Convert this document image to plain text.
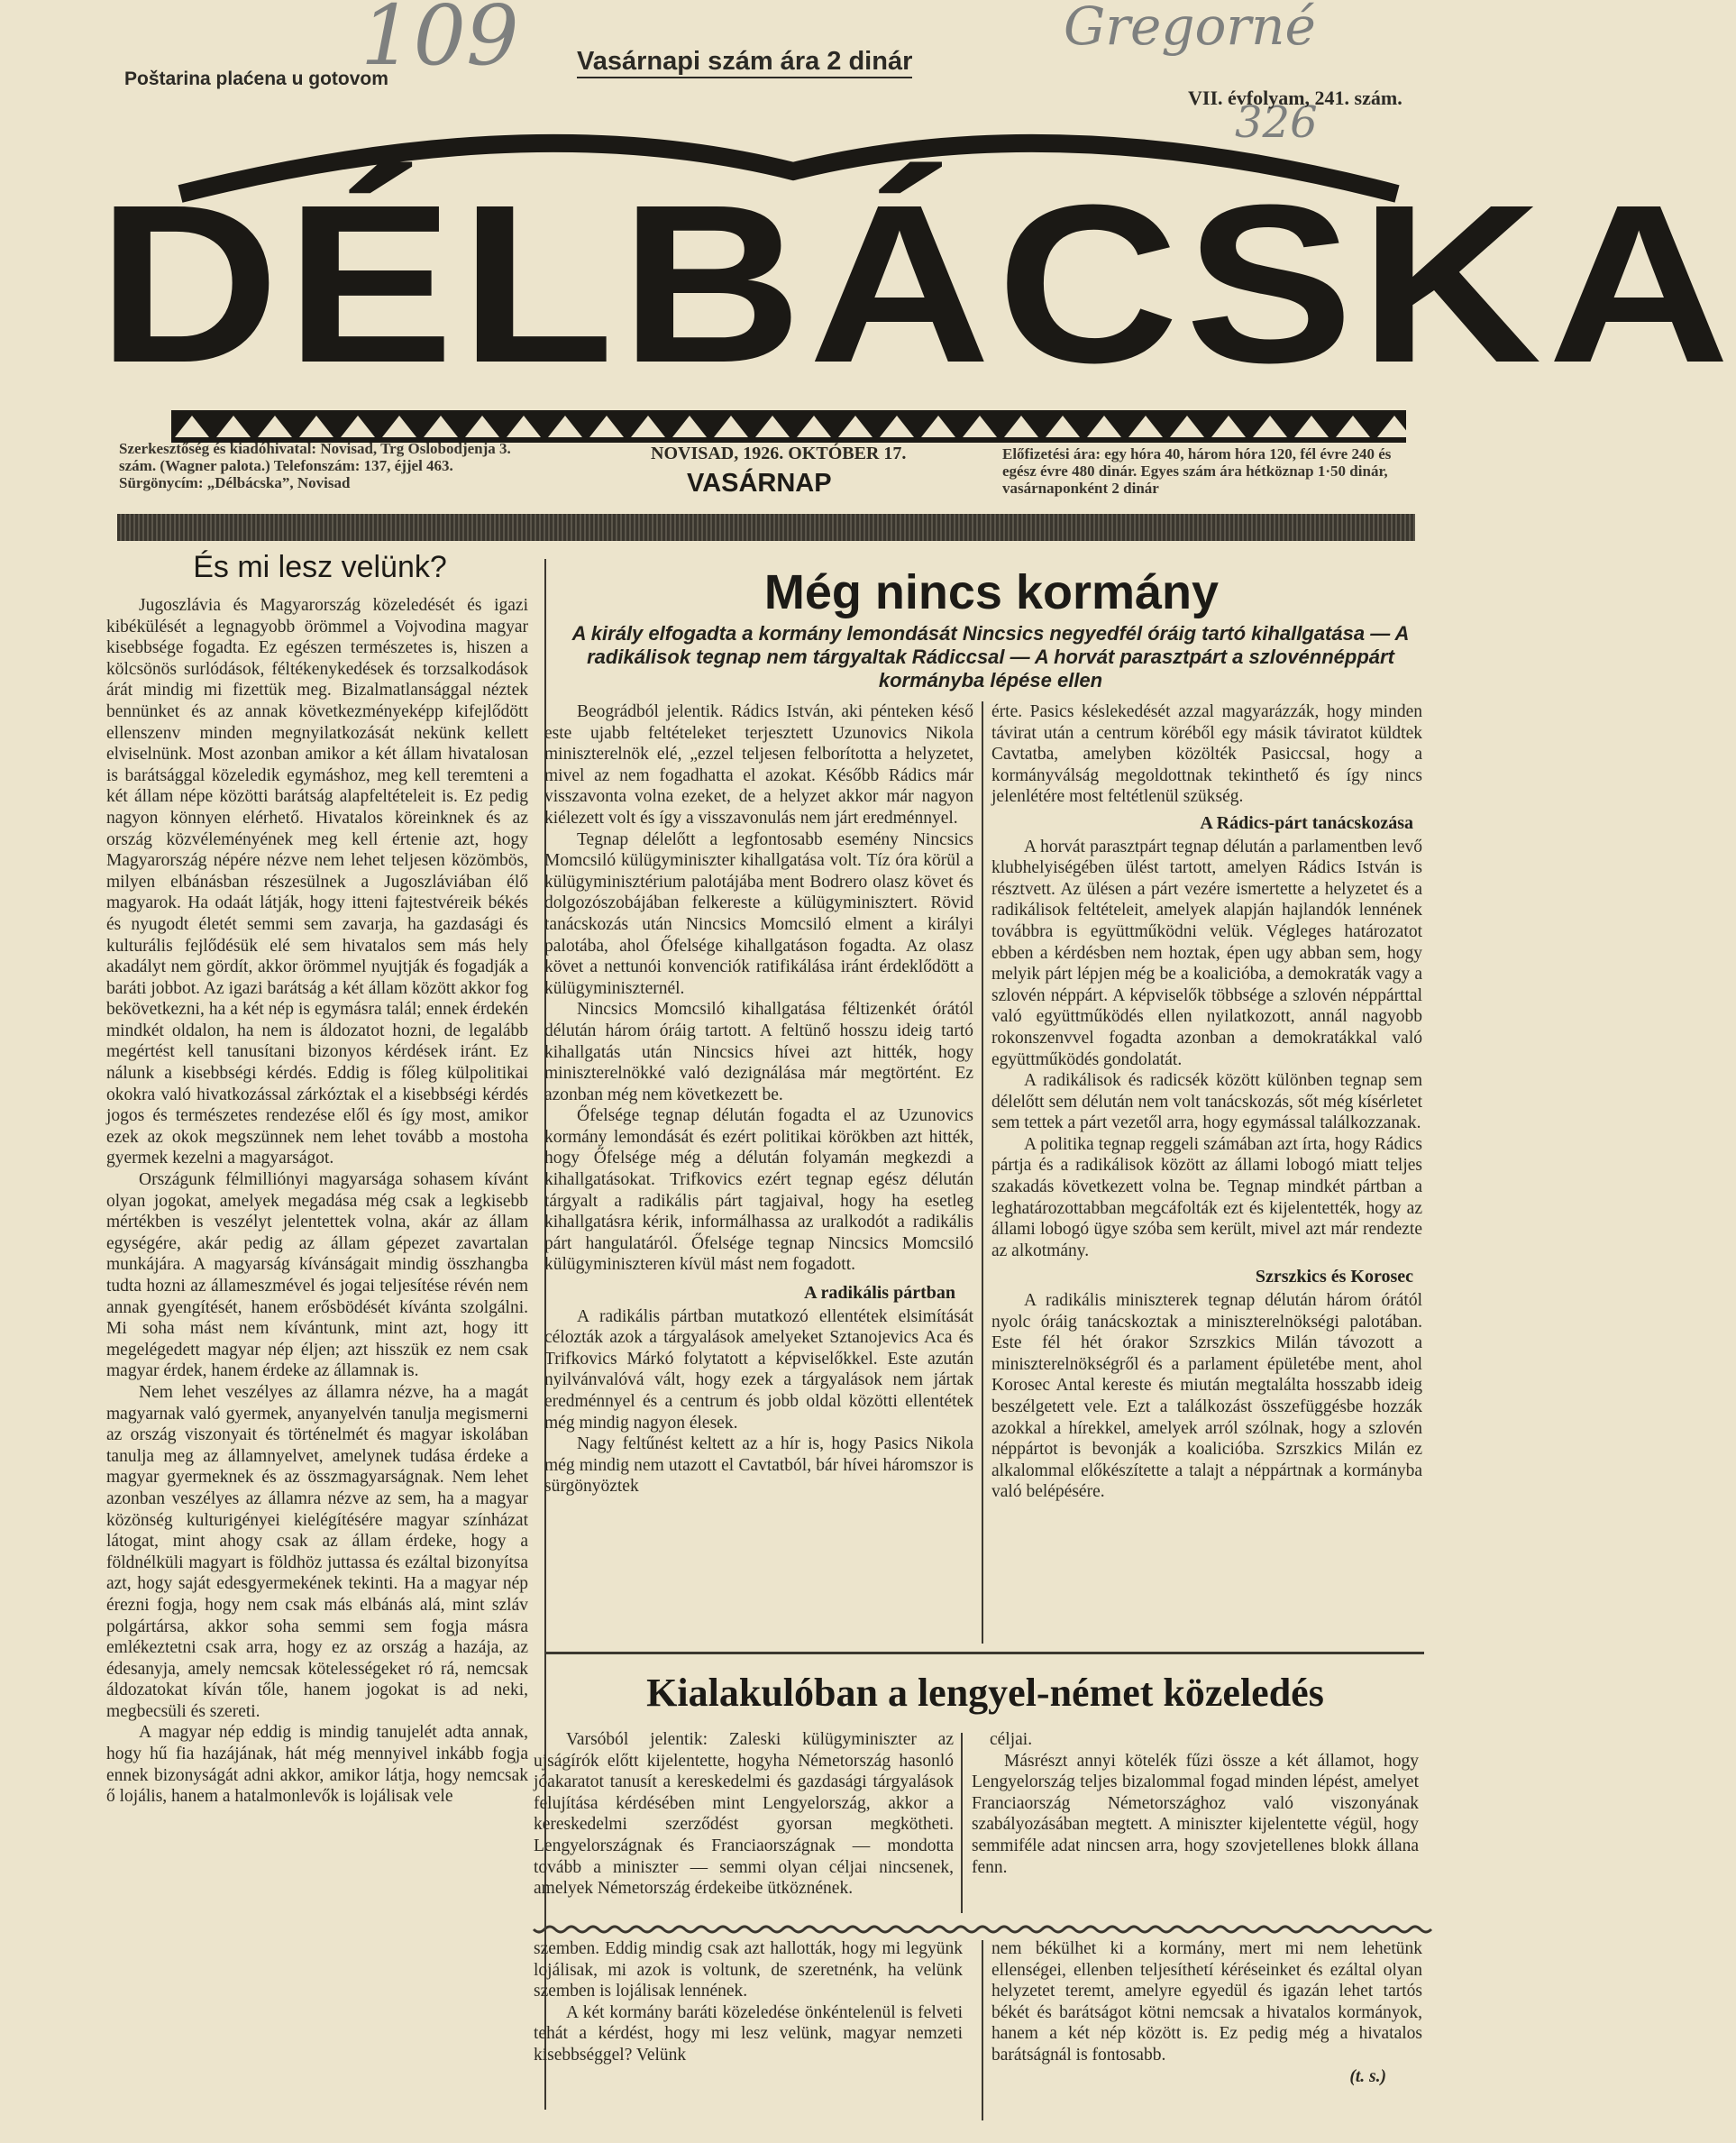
109	Gregorné
326
Poštarina plaćena u gotovom
Vasárnapi szám ára 2 dinár
VII. évfolyam, 241. szám.
DÉLBÁCSKA
Szerkesztőség és kiadóhivatal: Novisad, Trg Oslobodjenja 3. szám. (Wagner palota.) Telefonszám: 137, éjjel 463. Sürgönycím: „Délbácska”, Novisad
NOVISAD, 1926. OKTÓBER 17.
VASÁRNAP
Előfizetési ára: egy hóra 40, három hóra 120, fél évre 240 és egész évre 480 dinár. Egyes szám ára hétköznap 1·50 dinár, vasárnaponként 2 dinár
És mi lesz velünk?

Jugoszlávia és Magyarország közeledését és igazi kibékülését a legnagyobb örömmel a Vojvodina magyar kisebbsége fogadta. Ez egészen természetes is, hiszen a kölcsönös surlódások, féltékenykedések és torzsalkodások árát mindig mi fizettük meg. Bizalmatlansággal néztek bennünket és az annak következményeképp kifejlődött ellenszenv minden megnyilatkozását nekünk kellett elviselnünk. Most azonban amikor a két állam hivatalosan is barátsággal közeledik egymáshoz, meg kell teremteni a két állam népe közötti barátság alapfeltételeit is. Ez pedig nagyon könnyen elérhető. Hivatalos köreinknek és az ország közvéleményének meg kell érteniе azt, hogy Magyarország népére nézve nem lehet teljesen közömbös, milyen elbánásban részesülnek a Jugoszláviában élő magyarok. Ha odaát látják, hogy itteni fajtestvéreik békés és nyugodt életét semmi sem zavarja, ha gazdasági és kulturális fejlődésük elé sem hivatalos sem más hely akadályt nem gördít, akkor örömmel nyujtják és fogadják a baráti jobbot. Az igazi barátság a két állam között akkor fog bekövetkezni, ha a két nép is egymásra talál; ennek érdekén mindkét oldalon, ha nem is áldozatot hozni, de legalább megértést kell tanusítani bizonyos kérdések iránt. Ez nálunk a kisebbségi kérdés. Eddig is főleg külpolitikai okokra való hivatkozással zárkóztak el a kisebbségi kérdés jogos és természetes rendezése elől és így most, amikor ezek az okok megszünnek nem lehet tovább a mostoha gyermek kezelni a magyarságot.

Országunk félmilliónyi magyarsága sohasem kívánt olyan jogokat, amelyek megadása még csak a legkisebb mértékben is veszélyt jelentettek volna, akár az állam egységére, akár pedig az állam gépezet zavartalan munkájára. A magyarság kívánságait mindig összhangba tudta hozni az állameszmével és jogai teljesítése révén nem annak gyengítését, hanem erősbödését kívánta szolgálni. Mi soha mást nem kívántunk, mint azt, hogy itt megelégedett magyar nép éljen; azt hisszük ez nem csak magyar érdek, hanem érdeke az államnak is.

Nem lehet veszélyes az államra nézve, ha a magát magyarnak való gyermek, anyanyelvén tanulja megismerni az ország viszonyait és történelmét és magyar iskolában tanulja meg az államnyelvet, amelynek tudása érdeke a magyar gyermeknek és az összmagyarságnak. Nem lehet azonban veszélyes az államra nézve az sem, ha a magyar közönség kulturigényei kielégítésére magyar színházat látogat, mint ahogy csak az állam érdeke, hogy a földnélküli magyart is földhöz juttassa és ezáltal bizonyítsa azt, hogy saját edesgyermekének tekinti. Ha a magyar nép érezni fogja, hogy nem csak más elbánás alá, mint szláv polgártársa, akkor soha semmi sem fogja másra emlékeztetni csak arra, hogy ez az ország a hazája, az édesanyja, amely nemcsak kötelességeket ró rá, nemcsak áldozatokat kíván tőle, hanem jogokat is ad neki, megbecsüli és szereti.

A magyar nép eddig is mindig tanujelét adta annak, hogy hű fia hazájának, hát még mennyivel inkább fogja ennek bizonyságát adni akkor, amikor látja, hogy nemcsak ő lojális, hanem a hatalmonlevők is lojálisak vele

Még nincs kormány
A király elfogadta a kormány lemondását Nincsics negyedfél óráig tartó kihallgatása — A radikálisok tegnap nem tárgyaltak Rádiccsal — A horvát parasztpárt a szlovénnéppárt kormányba lépése ellen

Beográdból jelentik. Rádics István, aki pénteken késő este ujabb feltételeket terjesztett Uzunovics Nikola miniszterelnök elé, „ezzel teljesen felborította a helyzetet, mivel az nem fogadhatta el azokat. Később Rádics már visszavonta volna ezeket, de a helyzet akkor már nagyon kiélezett volt és így a visszavonulás nem járt eredménnyel.

Tegnap délelőtt a legfontosabb esemény Nincsics Momcsiló külügyminiszter kihallgatása volt. Tíz óra körül a külügyminisztérium palotájába ment Bodrero olasz követ és dolgozószobájában felkereste a külügyminisztert. Rövid tanácskozás után Nincsics Momcsiló elment a királyi palotába, ahol Őfelsége kihallgatáson fogadta. Az olasz követ a nettunói konvenciók ratifikálása iránt érdeklődött a külügyminiszternél.

Nincsics Momcsiló kihallgatása féltizenkét órától délután három óráig tartott. A feltünő hosszu ideig tartó kihallgatás után Nincsics hívei azt hitték, hogy miniszterelnökké való dezignálása már megtörtént. Ez azonban még nem következett be.

Őfelsége tegnap délután fogadta el az Uzunovics kormány lemondását és ezért politikai körökben azt hitték, hogy Őfelsége még a délután folyamán megkezdi a kihallgatásokat. Trifkovics ezért tegnap egész délután tárgyalt a radikális párt tagjaival, hogy ha esetleg kihallgatásra kérik, informálhassa az uralkodót a radikális párt hangulatáról. Őfelsége tegnap Nincsics Momcsiló külügyminiszteren kívül mást nem fogadott.

A radikális pártban

A radikális pártban mutatkozó ellentétek elsimítását célozták azok a tárgyalások amelyeket Sztanojevics Aca és Trifkovics Márkó folytatott a képviselőkkel. Este azután nyilvánvalóvá vált, hogy ezek a tárgyalások nem jártak eredménnyel és a centrum és jobb oldal közötti ellentétek még mindig nagyon élesek.

Nagy feltűnést keltett az a hír is, hogy Pasics Nikola még mindig nem utazott el Cavtatból, bár hívei háromszor is sürgönyöztek

érte. Pasics késlekedését azzal magyarázzák, hogy minden távirat után a centrum köréből egy másik táviratot küldtek Cavtatba, amelyben közölték Pasiccsal, hogy a kormányválság megoldottnak tekinthető és így nincs jelenlétére most feltétlenül szükség.

A Rádics-párt tanácskozása

A horvát parasztpárt tegnap délután a parlamentben levő klubhelyiségében ülést tartott, amelyen Rádics István is résztvett. Az ülésen a párt vezére ismertette a helyzetet és a radikálisok feltételeit, amelyek alapján hajlandók lennének továbbra is együttműködni velük. Végleges határozatot ebben a kérdésben nem hoztak, épen ugy abban sem, hogy melyik párt lépjen még be a koalicióba, a demokraták vagy a szlovén néppárt. A képviselők többsége a szlovén néppárttal való együttműködés ellen nyilatkozott, annál nagyobb rokonszenvvel fogadta azonban a demokratákkal való együttműködés gondolatát.

A radikálisok és radicsék között különben tegnap sem délelőtt sem délután nem volt tanácskozás, sőt még kísérletet sem tettek a párt vezetől arra, hogy egymással találkozzanak.

A politika tegnap reggeli számában azt írta, hogy Rádics pártja és a radikálisok között az állami lobogó miatt teljes szakadás következett volna be. Tegnap mindkét pártban a leghatározottabban megcáfolták ezt és kijelentették, hogy az állami lobogó ügye szóba sem került, mivel azt már rendezte az alkotmány.

Szrszkics és Korosec

A radikális miniszterek tegnap délután három órától nyolc óráig tanácskoztak a miniszterelnökségi palotában. Este fél hét órakor Szrszkics Milán távozott a miniszterelnökségről és a parlament épületébe ment, ahol Korosec Antal kereste és miután megtalálta hosszabb ideig beszélgetett vele. Ezt a találkozást összefüggésbe hozzák azokkal a hírekkel, amelyek arról szólnak, hogy a szlovén néppártot is bevonják a koalicióba. Szrszkics Milán ez alkalommal előkészítette a talajt a néppártnak a kormányba való belépésére.

Kialakulóban a lengyel-német közeledés

Varsóból jelentik: Zaleski külügyminiszter az ujságírók előtt kijelentette, hogyha Németország hasonló jóakaratot tanusít a kereskedelmi és gazdasági tárgyalások felujítása kérdésében mint Lengyelország, akkor a kereskedelmi szerződést gyorsan megkötheti. Lengyelországnak és Franciaországnak — mondotta tovább a miniszter — semmi olyan céljai nincsenek, amelyek Németország érdekeibe ütköznének.

céljai.

Másrészt annyi kötelék fűzi össze a két államot, hogy Lengyelország teljes bizalommal fogad minden lépést, amelyet Franciaország Németországhoz való viszonyának szabályozásában megtett. A miniszter kijelentette végül, hogy semmiféle adat nincsen arra, hogy szovjetellenes blokk állana fenn.

szemben. Eddig mindig csak azt hallották, hogy mi legyünk lojálisak, mi azok is voltunk, de szeretnénk, ha velünk szemben is lojálisak lennének.

A két kormány baráti közeledése önkéntelenül is felveti tehát a kérdést, hogy mi lesz velünk, magyar nemzeti kisebbséggel? Velünk

nem békülhet ki a kormány, mert mi nem lehetünk ellenségei, ellenben teljesíthetí kéréseinket és ezáltal olyan helyzetet teremt, amelyre egyedül és igazán lehet tartós békét és barátságot kötni nemcsak a hivatalos kormányok, hanem a két nép között is. Ez pedig még a hivatalos barátságnál is fontosabb.

(t. s.)
